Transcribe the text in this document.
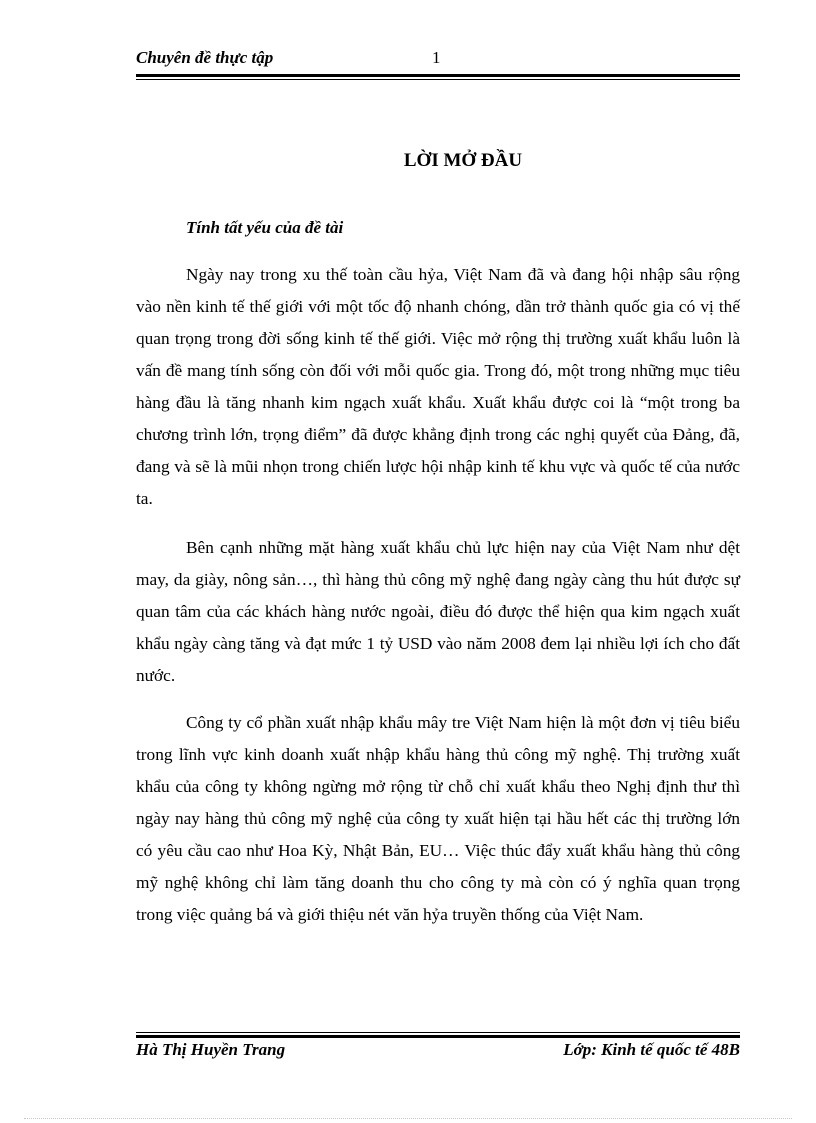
Chuyên đề thực tập	1
LỜI MỞ ĐẦU
Tính tất yếu của đề tài
Ngày nay trong xu thế toàn cầu hỷa, Việt Nam đã và đang hội nhập sâu rộng vào nền kinh tế thế giới với một tốc độ nhanh chóng, dần trở thành quốc gia có vị thế quan trọng trong đời sống kinh tế thế giới. Việc mở rộng thị trường xuất khẩu luôn là vấn đề mang tính sống còn đối với mỗi quốc gia. Trong đó, một trong những mục tiêu hàng đầu là tăng nhanh kim ngạch xuất khẩu. Xuất khẩu được coi là “một trong ba chương trình lớn, trọng điểm” đã được khẳng định trong các nghị quyết của Đảng, đã, đang và sẽ là mũi nhọn trong chiến lược hội nhập kinh tế khu vực và quốc tế của nước ta.
Bên cạnh những mặt hàng xuất khẩu chủ lực hiện nay của Việt Nam như dệt may, da giày, nông sản…, thì hàng thủ công mỹ nghệ đang ngày càng thu hút được sự quan tâm của các khách hàng nước ngoài, điều đó được thể hiện qua kim ngạch xuất khẩu ngày càng tăng và đạt mức 1 tỷ USD vào năm 2008 đem lại nhiều lợi ích cho đất nước.
Công ty cổ phần xuất nhập khẩu mây tre Việt Nam hiện là một đơn vị tiêu biểu trong lĩnh vực kinh doanh xuất nhập khẩu hàng thủ công mỹ nghệ. Thị trường xuất khẩu của công ty không ngừng mở rộng từ chỗ chỉ xuất khẩu theo Nghị định thư thì ngày nay hàng thủ công mỹ nghệ của công ty xuất hiện tại hầu hết các thị trường lớn có yêu cầu cao như Hoa Kỳ, Nhật Bản, EU… Việc thúc đẩy xuất khẩu hàng thủ công mỹ nghệ không chỉ làm tăng doanh thu cho công ty mà còn có ý nghĩa quan trọng trong việc quảng bá và giới thiệu nét văn hỷa truyền thống của Việt Nam.
Hà Thị Huyền Trang	Lớp: Kinh tế quốc tế 48B
